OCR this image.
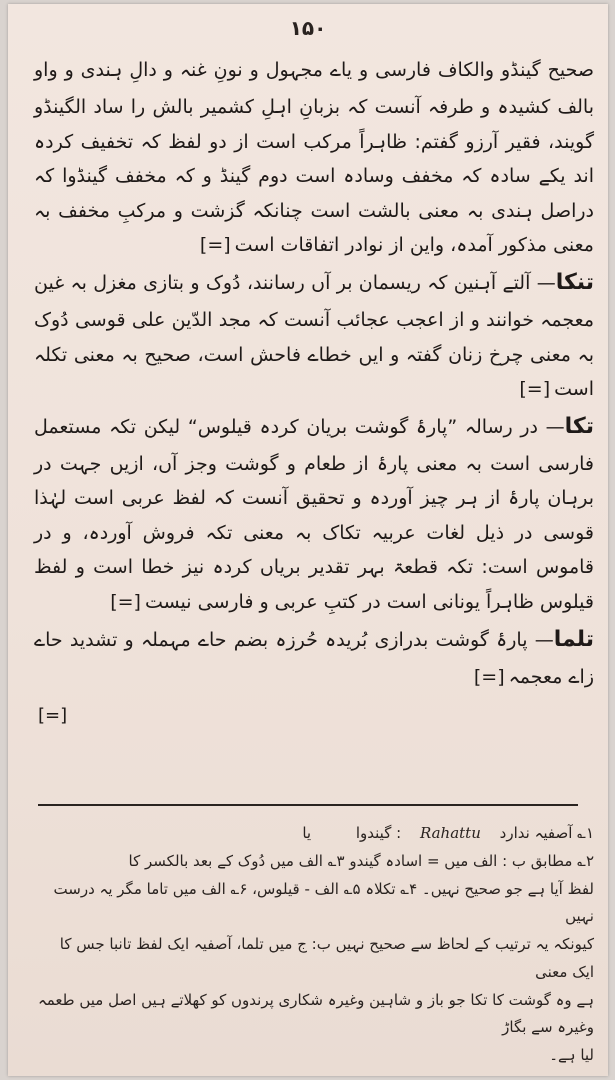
۱۵۰

صحیح گینڈو والکاف فارسی و یاے مجہول و نونِ غنہ و دالِ ہندی و واو بالف کشیدہ و طرفہ آنست کہ بزبانِ اہلِ کشمیر بالش را ساد الگینڈو گویند، فقیر آرزو گفتم: ظاہراً مرکب است از دو لفظ کہ تخفیف کردہ اند یکے سادہ کہ مخفف وسادہ است دوم گینڈ و کہ مخفف گینڈوا کہ دراصل ہندی بہ معنی بالشت است چنانکہ گزشت و مرکبِ مخفف بہ معنی مذکور آمدہ، واین از نوادر اتفاقات است[=]

تنکا— آلتے آہنین کہ ریسمان بر آں رسانند، دُوک و بتازی مغزل بہ غین معجمہ خوانند و از اعجب عجائب آنست کہ مجد الدّین علی قوسی دُوک بہ معنی چرخ زنان گفتہ و ایں خطاے فاحش است، صحیح بہ معنی تکلہ است[=]

تکا— در رسالہ ”پارۂ گوشت بریان کردہ قیلوس“ لیکن تکہ مستعمل فارسی است بہ معنی پارۂ از طعام و گوشت وجز آں، ازیں جہت در برہان پارۂ از ہر چیز آوردہ و تحقیق آنست کہ لفظ عربی است لہٰذا قوسی در ذیل لغات عربیہ تکاک بہ معنی تکہ فروش آوردہ، و در قاموس است: تکہ قطعۃ بہر تقدیر بریاں کردہ نیز خطا است و لفظ قیلوس ظاہراً یونانی است در کتبِ عربی و فارسی نیست[=]

تلما— پارۂ گوشت بدرازی بُریدہ حُرزہ بضم حاے مہملہ و تشدید حاے زاے معجمہ[=]

[=]

۱؎ آصفیہ ندارد Rahattu : گیندوا یا

۲؎ مطابق ب : الف میں = اسادہ گیندو ۳؎ الف میں دُوک کے بعد بالکسر کا

لفظ آیا ہے جو صحیح نہیں۔ ۴؎ تکلاہ ۵؎ الف - قیلوس، ۶؎ الف میں تاما مگر یہ درست نہیں

کیونکہ یہ ترتیب کے لحاظ سے صحیح نہیں ب: ج میں تلما، آصفیہ ایک لفظ تانبا جس کا ایک معنی

ہے وہ گوشت کا تکا جو باز و شاہین وغیرہ شکاری پرندوں کو کھلاتے ہیں اصل میں طعمہ وغیرہ سے بگاڑ

لیا ہے۔
